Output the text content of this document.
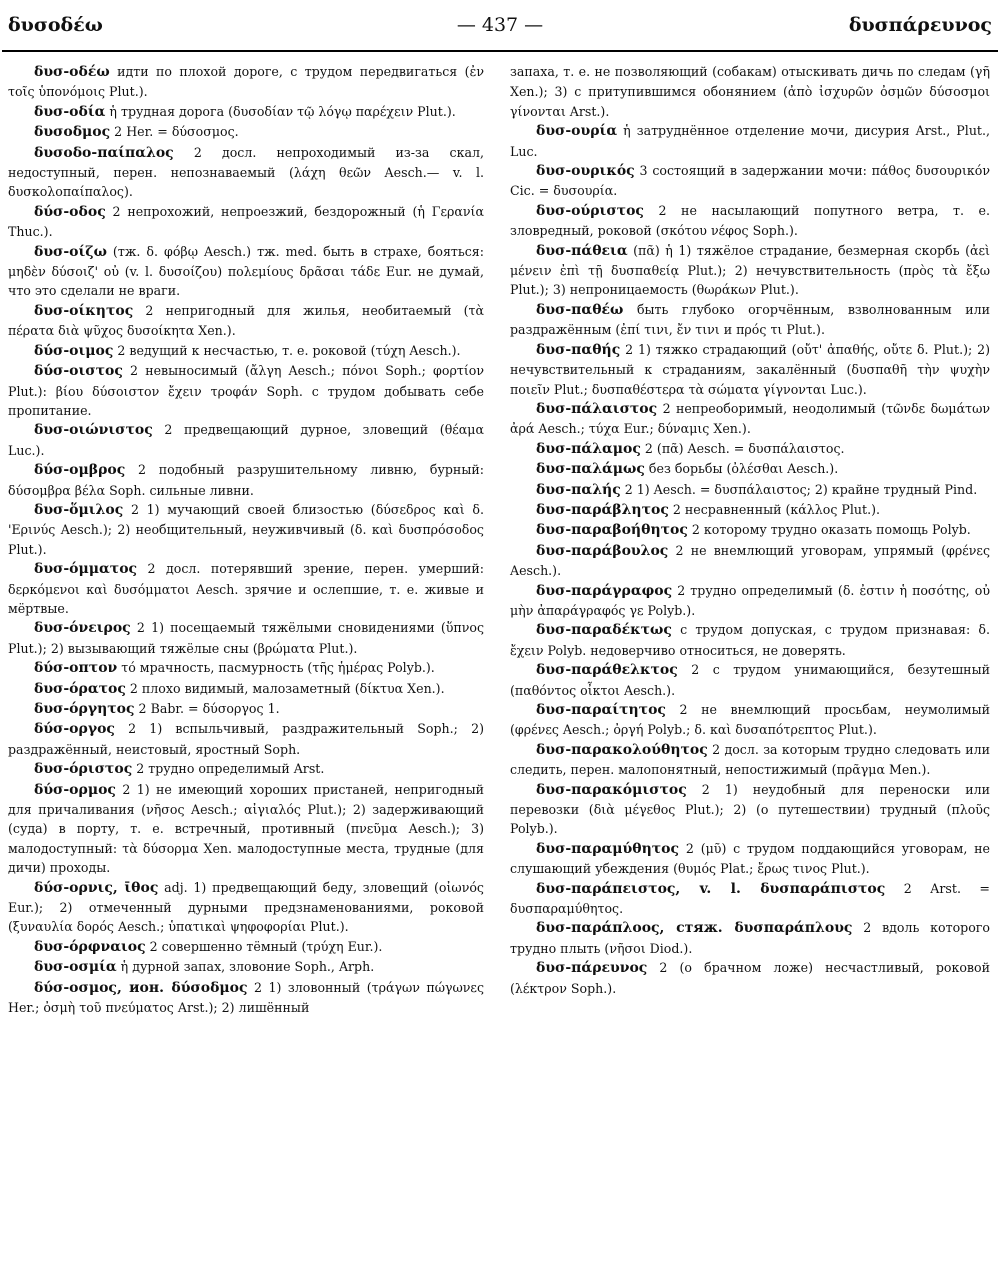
δυσοδέω	— 437 —	δυσπάρευνος

δυσ-οδέω идти по плохой дороге, с трудом передвигаться (ἐν τοῖς ὑπονόμοις Plut.).

δυσ-οδία ἡ трудная дорога (δυσοδίαν τῷ λόγῳ παρέχειν Plut.).

δυσοδμος 2 Her. = δύσοσμος.

δυσοδο-παίπαλος 2 досл. непроходимый из-за скал, недоступный, перен. непознаваемый (λάχη θεῶν Aesch.— v. l. δυσκολοπαίπαλος).

δύσ-οδος 2 непрохожий, непроезжий, бездорожный (ἡ Γερανία Thuc.).

δυσ-οίζω (тж. δ. φόβῳ Aesch.) тж. med. быть в страхе, бояться: μηδὲν δύσοιζ' οὐ (v. l. δυσοίζου) πολεμίους δρᾶσαι τάδε Eur. не думай, что это сделали не враги.

δυσ-οίκητος 2 непригодный для жилья, необитаемый (τὰ πέρατα διὰ ψῦχος δυσοίκητα Xen.).

δύσ-οιμος 2 ведущий к несчастью, т. е. роковой (τύχη Aesch.).

δύσ-οιστος 2 невыносимый (ἄλγη Aesch.; πόνοι Soph.; φορτίον Plut.): βίου δύσοιστον ἔχειν τροφάν Soph. с трудом добывать себе пропитание.

δυσ-οιώνιστος 2 предвещающий дурное, зловещий (θέαμα Luc.).

δύσ-ομβρος 2 подобный разрушительному ливню, бурный: δύσομβρα βέλα Soph. сильные ливни.

δυσ-ὅμιλος 2 1) мучающий своей близостью (δύσεδρος καὶ δ. 'Ερινύς Aesch.); 2) необщительный, неуживчивый (δ. καὶ δυσπρόσοδος Plut.).

δυσ-όμματος 2 досл. потерявший зрение, перен. умерший: δερκόμενοι καὶ δυσόμματοι Aesch. зрячие и ослепшие, т. е. живые и мёртвые.

δυσ-όνειρος 2 1) посещаемый тяжёлыми сновидениями (ὕπνος Plut.); 2) вызывающий тяжёлые сны (βρώματα Plut.).

δύσ-οπτον τό мрачность, пасмурность (τῆς ἡμέρας Polyb.).

δυσ-όρατος 2 плохо видимый, малозаметный (δίκτυα Xen.).

δυσ-όργητος 2 Babr. = δύσοργος 1.

δύσ-οργος 2 1) вспыльчивый, раздражительный Soph.; 2) раздражённый, неистовый, яростный Soph.

δυσ-όριστος 2 трудно определимый Arst.

δύσ-ορμος 2 1) не имеющий хороших пристаней, непригодный для причаливания (νῆσος Aesch.; αἰγιαλός Plut.); 2) задерживающий (суда) в порту, т. е. встречный, противный (πνεῦμα Aesch.); 3) малодоступный: τὰ δύσορμα Xen. малодоступные места, трудные (для дичи) проходы.

δύσ-ορνις, ῑθος adj. 1) предвещающий беду, зловещий (οἰωνός Eur.); 2) отмеченный дурными предзнаменованиями, роковой (ξυναυλία δορός Aesch.; ὑπατικαὶ ψηφοφορίαι Plut.).

δυσ-όρφναιος 2 совершенно тёмный (τρύχη Eur.).

δυσ-οσμία ἡ дурной запах, зловоние Soph., Arph.

δύσ-οσμος, ион. δύσοδμος 2 1) зловонный (τράγων πώγωνες Her.; ὀσμὴ τοῦ πνεύματος Arst.); 2) лишённый

запаха, т. е. не позволяющий (собакам) отыскивать дичь по следам (γῆ Xen.); 3) с притупившимся обонянием (ἀπὸ ἰσχυρῶν ὀσμῶν δύσοσμοι γίνονται Arst.).

δυσ-ουρία ἡ затруднённое отделение мочи, дисурия Arst., Plut., Luc.

δυσ-ουρικός 3 состоящий в задержании мочи: πάθος δυσουρικόν Cic. = δυσουρία.

δυσ-ούριστος 2 не насылающий попутного ветра, т. е. зловредный, роковой (σκότου νέφος Soph.).

δυσ-πάθεια (πᾶ) ἡ 1) тяжёлое страдание, безмерная скорбь (ἀεὶ μένειν ἐπὶ τῇ δυσπαθείᾳ Plut.); 2) нечувствительность (πρὸς τὰ ἔξω Plut.); 3) непроницаемость (θωράκων Plut.).

δυσ-παθέω быть глубоко огорчённым, взволнованным или раздражённым (ἐπί τινι, ἔν τινι и πρός τι Plut.).

δυσ-παθής 2 1) тяжко страдающий (οὔτ' ἀπαθής, οὔτε δ. Plut.); 2) нечувствительный к страданиям, закалённый (δυσπαθῆ τὴν ψυχὴν ποιεῖν Plut.; δυσπαθέστερα τὰ σώματα γίγνονται Luc.).

δυσ-πάλαιστος 2 непреоборимый, неодолимый (τῶνδε δωμάτων ἀρά Aesch.; τύχα Eur.; δύναμις Xen.).

δυσ-πάλαμος 2 (πᾶ) Aesch. = δυσπάλαιστος.

δυσ-παλάμως без борьбы (ὀλέσθαι Aesch.).

δυσ-παλής 2 1) Aesch. = δυσπάλαιστος; 2) крайне трудный Pind.

δυσ-παράβλητος 2 несравненный (κάλλος Plut.).

δυσ-παραβοήθητος 2 которому трудно оказать помощь Polyb.

δυσ-παράβουλος 2 не внемлющий уговорам, упрямый (φρένες Aesch.).

δυσ-παράγραφος 2 трудно определимый (δ. ἐστιν ἡ ποσότης, οὐ μὴν ἀπαράγραφός γε Polyb.).

δυσ-παραδέκτως с трудом допуская, с трудом признавая: δ. ἔχειν Polyb. недоверчиво относиться, не доверять.

δυσ-παράθελκτος 2 с трудом унимающийся, безутешный (παθόντος οἶκτοι Aesch.).

δυσ-παραίτητος 2 не внемлющий просьбам, неумолимый (φρένες Aesch.; ὀργή Polyb.; δ. καὶ δυσαπότρεπτος Plut.).

δυσ-παρακολούθητος 2 досл. за которым трудно следовать или следить, перен. малопонятный, непостижимый (πρᾶγμα Men.).

δυσ-παρακόμιστος 2 1) неудобный для переноски или перевозки (διὰ μέγεθος Plut.); 2) (о путешествии) трудный (πλοῦς Polyb.).

δυσ-παραμύθητος 2 (μῦ) с трудом поддающийся уговорам, не слушающий убеждения (θυμός Plat.; ἔρως τινος Plut.).

δυσ-παράπειστος, v. l. δυσπαράπιστος 2 Arst. = δυσπαραμύθητος.

δυσ-παράπλοος, стяж. δυσπαράπλους 2 вдоль которого трудно плыть (νῆσοι Diod.).

δυσ-πάρευνος 2 (о брачном ложе) несчастливый, роковой (λέκτρον Soph.).
